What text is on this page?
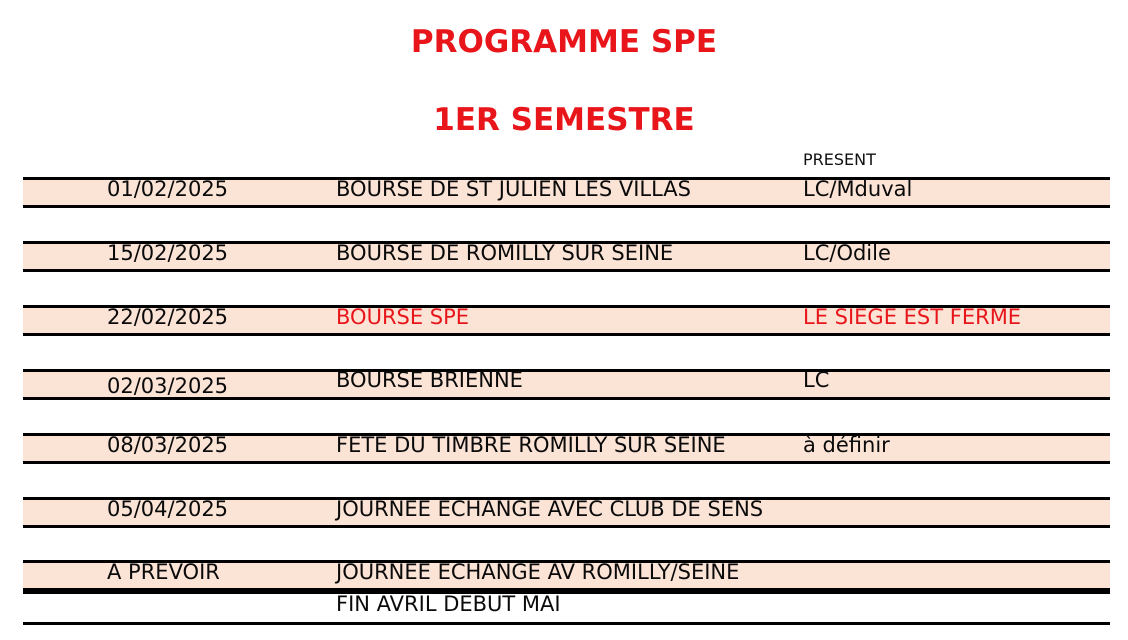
PROGRAMME SPE
1ER SEMESTRE
PRESENT
01/02/2025	BOURSE DE ST JULIEN LES VILLAS	LC/Mduval
15/02/2025	BOURSE DE ROMILLY SUR SEINE	LC/Odile
22/02/2025	BOURSE SPE	LE SIEGE EST FERME
02/03/2025	BOURSE BRIENNE	LC
08/03/2025	FETE DU TIMBRE ROMILLY SUR SEINE	à définir
05/04/2025	JOURNEE ECHANGE AVEC CLUB DE SENS
A PREVOIR	JOURNEE ECHANGE AV ROMILLY/SEINE
FIN AVRIL DEBUT MAI
